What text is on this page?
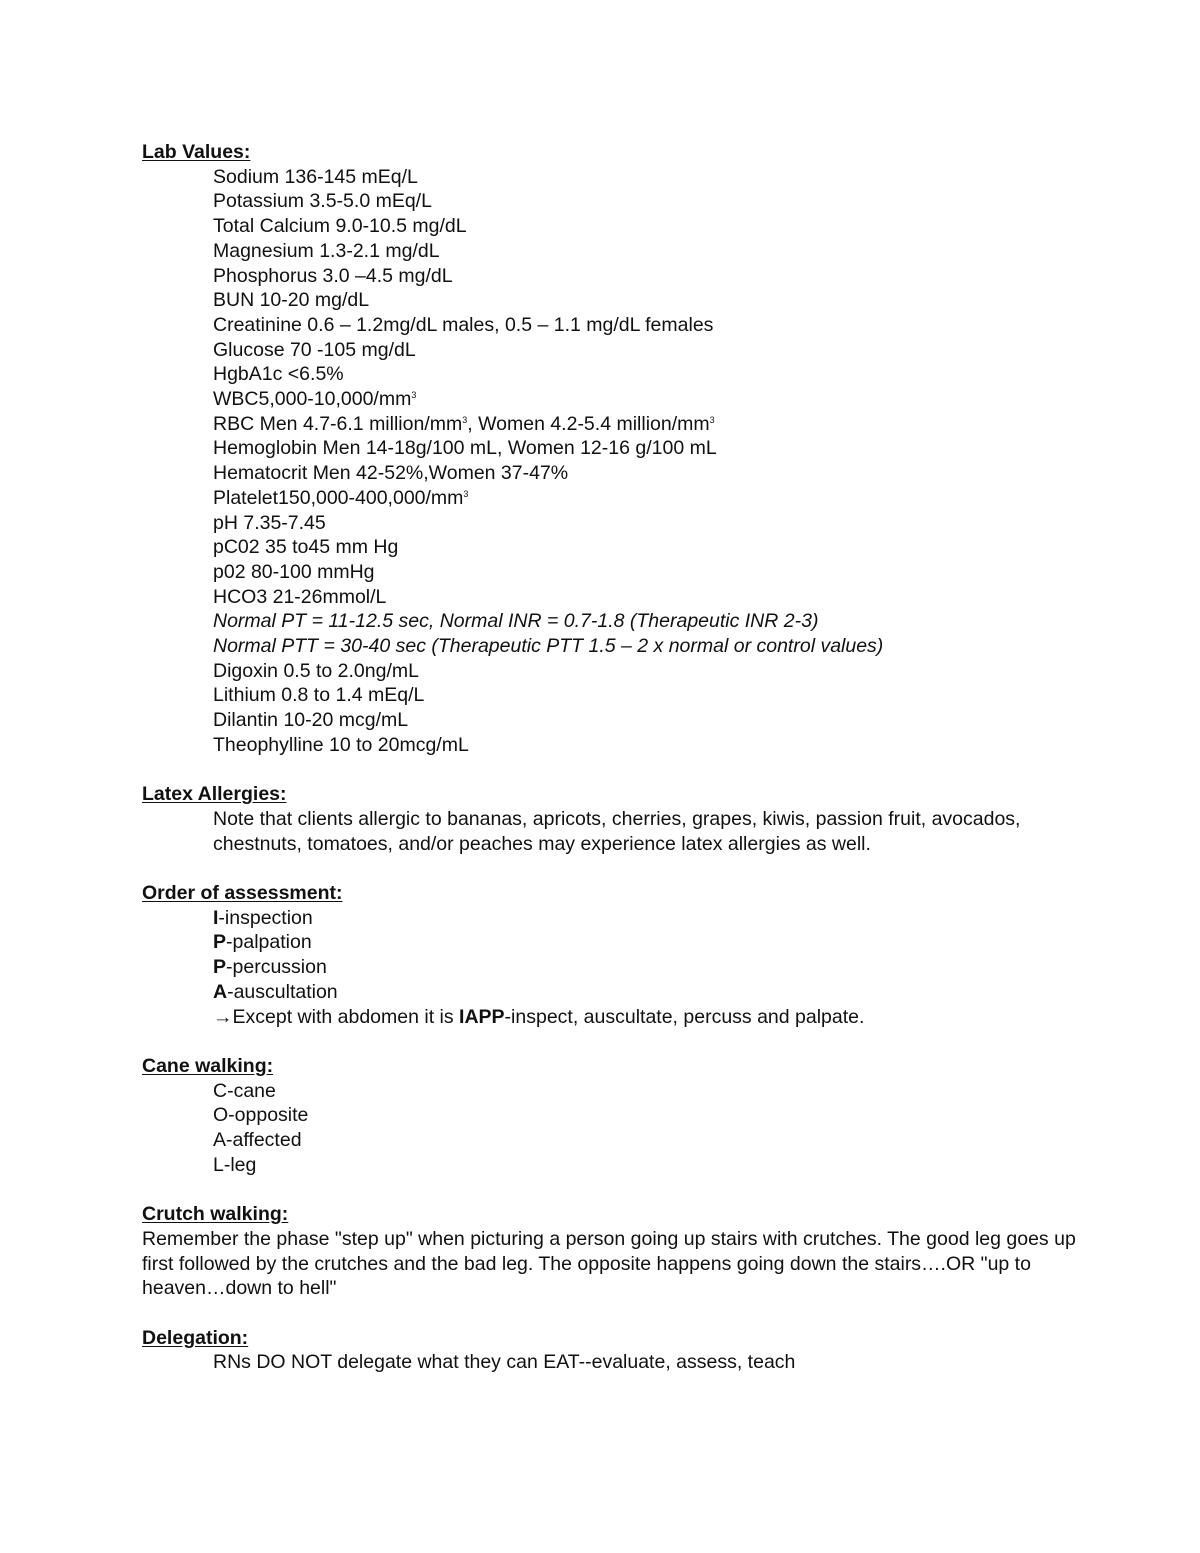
Lab Values:
Sodium 136-145 mEq/L
Potassium 3.5-5.0 mEq/L
Total Calcium 9.0-10.5 mg/dL
Magnesium 1.3-2.1 mg/dL
Phosphorus 3.0 –4.5 mg/dL
BUN 10-20 mg/dL
Creatinine 0.6 – 1.2mg/dL males, 0.5 – 1.1 mg/dL females
Glucose 70 -105 mg/dL
HgbA1c <6.5%
$WBC5,000-10,000/mm^3$
RBC Men 4.7-6.1 million/$mm^3$, Women 4.2-5.4 million/$mm^3$
Hemoglobin Men 14-18g/100 mL, Women 12-16 g/100 mL
Hematocrit Men 42-52%,Women 37-47%
$Platelet150,000-400,000/mm^3$
pH 7.35-7.45
pC02 35 to45 mm Hg
p02 80-100 mmHg
HCO3 21-26mmol/L
Normal PT = 11-12.5 sec, Normal INR = 0.7-1.8 (Therapeutic INR 2-3)
Normal PTT = 30-40 sec (Therapeutic PTT 1.5 – 2 x normal or control values)
Digoxin 0.5 to 2.0ng/mL
Lithium 0.8 to 1.4 mEq/L
Dilantin 10-20 mcg/mL
Theophylline 10 to 20mcg/mL
Latex Allergies:
Note that clients allergic to bananas, apricots, cherries, grapes, kiwis, passion fruit, avocados, chestnuts, tomatoes, and/or peaches may experience latex allergies as well.
Order of assessment:
I-inspection
P-palpation
P-percussion
A-auscultation
→Except with abdomen it is IAPP-inspect, auscultate, percuss and palpate.
Cane walking:
C-cane
O-opposite
A-affected
L-leg
Crutch walking:
Remember the phase "step up" when picturing a person going up stairs with crutches. The good leg goes up first followed by the crutches and the bad leg. The opposite happens going down the stairs….OR "up to heaven…down to hell"
Delegation:
RNs DO NOT delegate what they can EAT--evaluate, assess, teach
